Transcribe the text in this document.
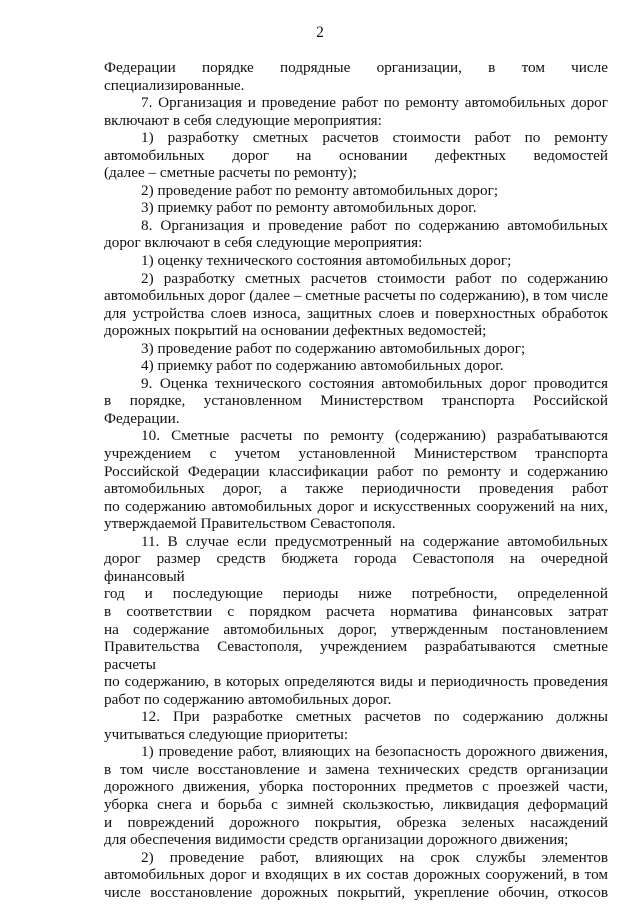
2
Федерации порядке подрядные организации, в том числе
специализированные.
7. Организация и проведение работ по ремонту автомобильных дорог
включают в себя следующие мероприятия:
1) разработку сметных расчетов стоимости работ по ремонту
автомобильных дорог на основании дефектных ведомостей
(далее – сметные расчеты по ремонту);
2) проведение работ по ремонту автомобильных дорог;
3) приемку работ по ремонту автомобильных дорог.
8. Организация и проведение работ по содержанию автомобильных
дорог включают в себя следующие мероприятия:
1) оценку технического состояния автомобильных дорог;
2) разработку сметных расчетов стоимости работ по содержанию
автомобильных дорог (далее – сметные расчеты по содержанию), в том числе
для устройства слоев износа, защитных слоев и поверхностных обработок
дорожных покрытий на основании дефектных ведомостей;
3) проведение работ по содержанию автомобильных дорог;
4) приемку работ по содержанию автомобильных дорог.
9. Оценка технического состояния автомобильных дорог проводится
в порядке, установленном Министерством транспорта Российской
Федерации.
10. Сметные расчеты по ремонту (содержанию) разрабатываются
учреждением с учетом установленной Министерством транспорта
Российской Федерации классификации работ по ремонту и содержанию
автомобильных дорог, а также периодичности проведения работ
по содержанию автомобильных дорог и искусственных сооружений на них,
утверждаемой Правительством Севастополя.
11. В случае если предусмотренный на содержание автомобильных
дорог размер средств бюджета города Севастополя на очередной финансовый
год и последующие периоды ниже потребности, определенной
в соответствии с порядком расчета норматива финансовых затрат
на содержание автомобильных дорог, утвержденным постановлением
Правительства Севастополя, учреждением разрабатываются сметные расчеты
по содержанию, в которых определяются виды и периодичность проведения
работ по содержанию автомобильных дорог.
12. При разработке сметных расчетов по содержанию должны
учитываться следующие приоритеты:
1) проведение работ, влияющих на безопасность дорожного движения,
в том числе восстановление и замена технических средств организации
дорожного движения, уборка посторонних предметов с проезжей части,
уборка снега и борьба с зимней скользкостью, ликвидация деформаций
и повреждений дорожного покрытия, обрезка зеленых насаждений
для обеспечения видимости средств организации дорожного движения;
2) проведение работ, влияющих на срок службы элементов
автомобильных дорог и входящих в их состав дорожных сооружений, в том
числе восстановление дорожных покрытий, укрепление обочин, откосов
